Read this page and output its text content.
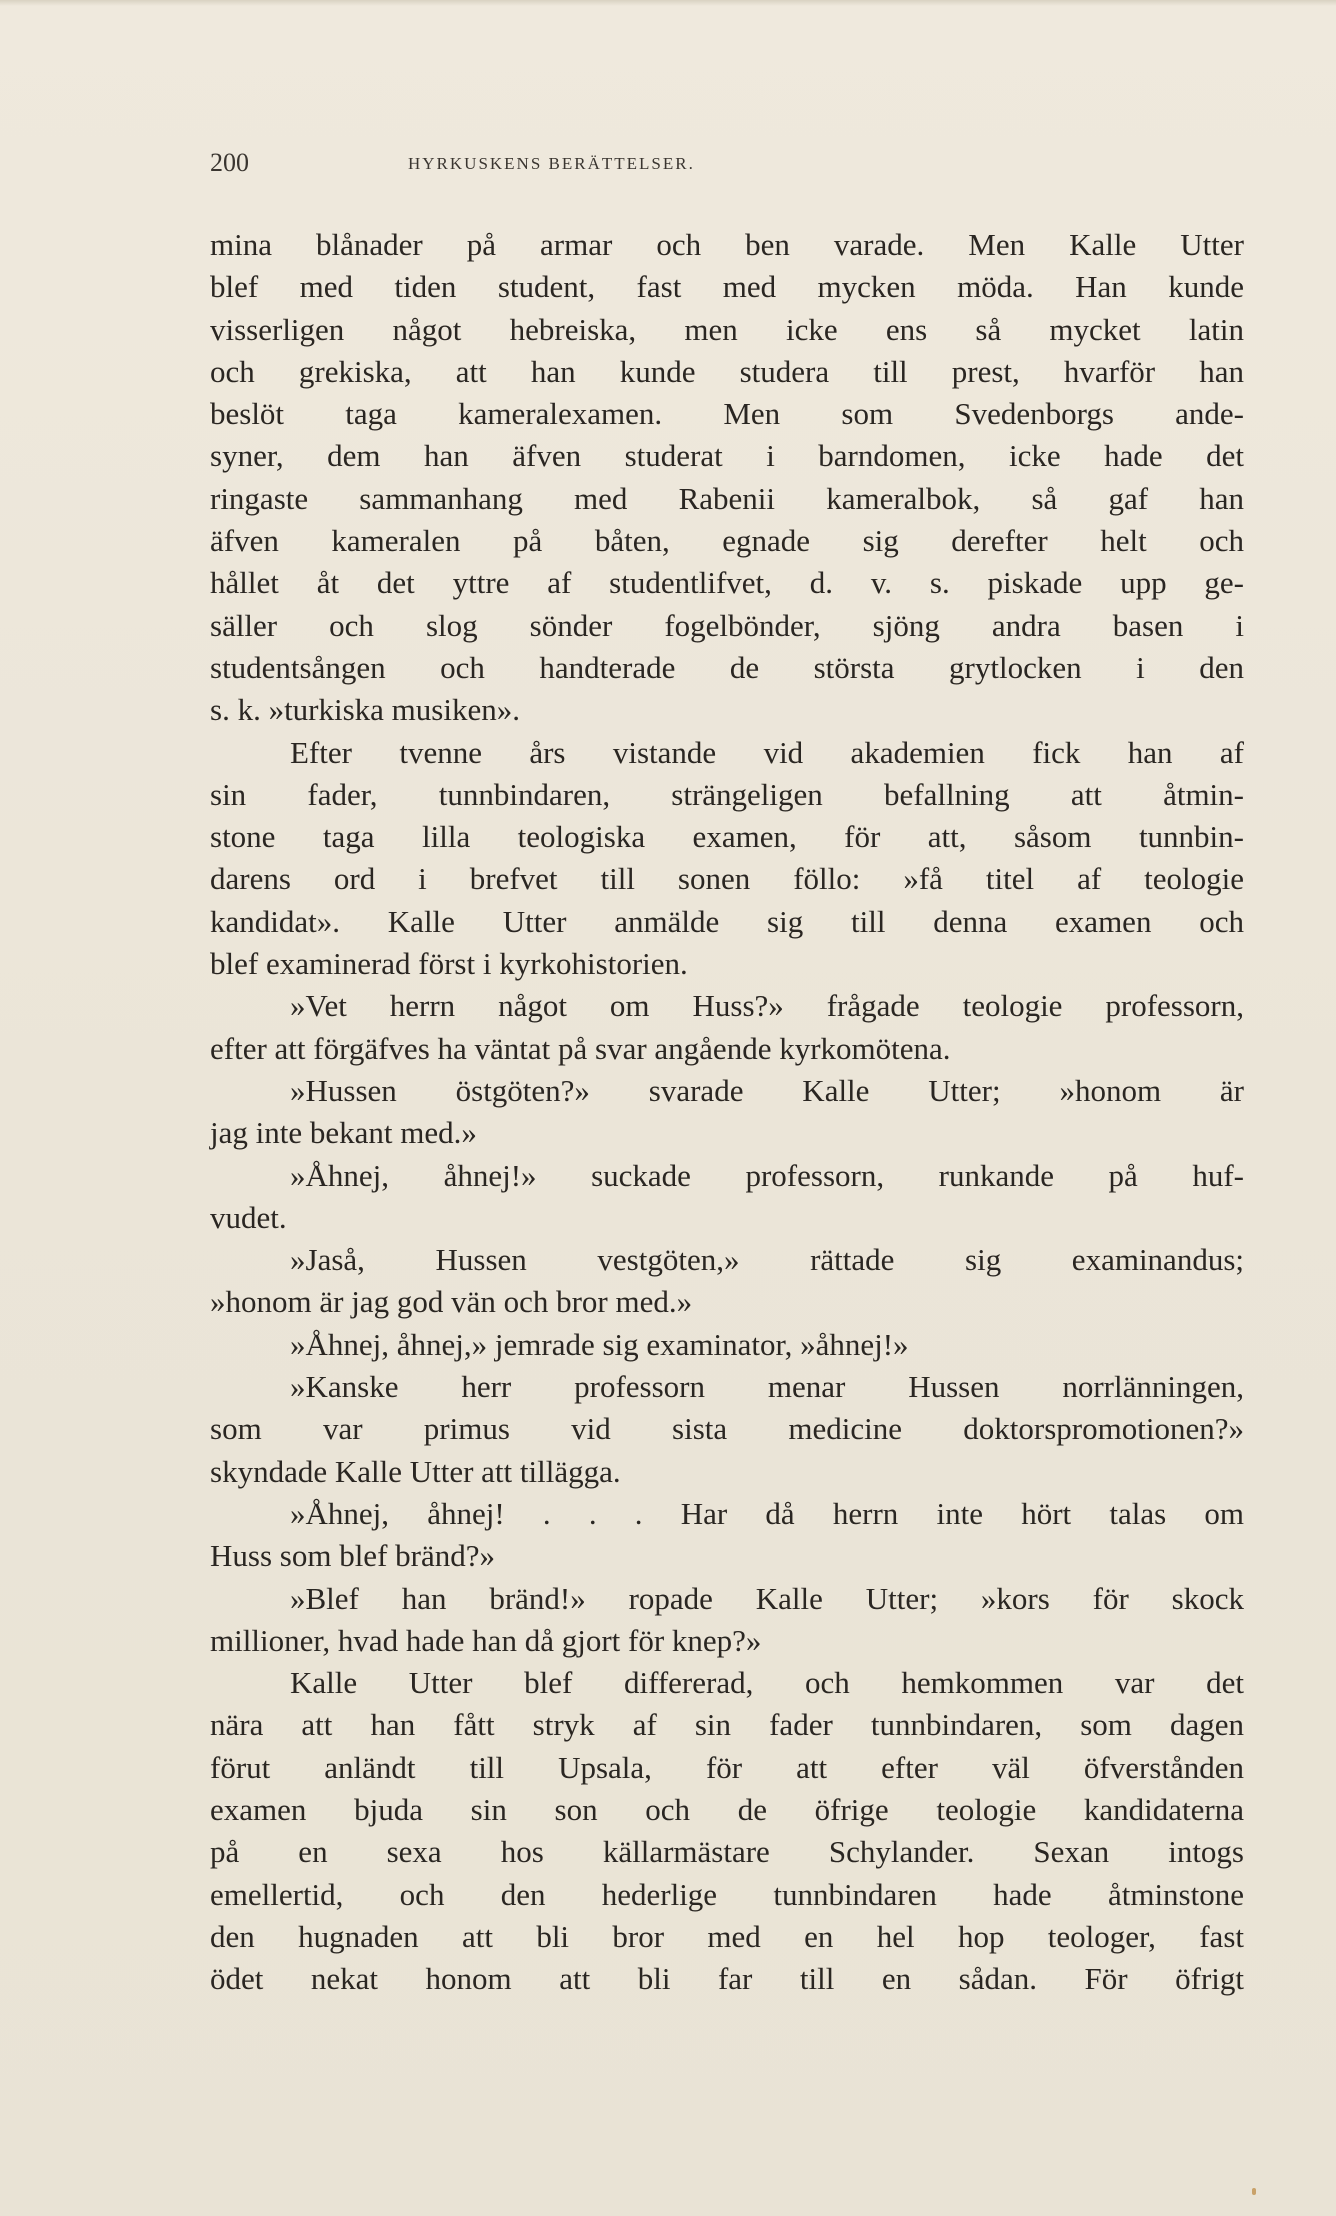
200	HYRKUSKENS BERÄTTELSER.
mina blånader på armar och ben varade. Men Kalle Utter
blef med tiden student, fast med mycken möda. Han kunde
visserligen något hebreiska, men icke ens så mycket latin
och grekiska, att han kunde studera till prest, hvarför han
beslöt taga kameralexamen. Men som Svedenborgs ande-
syner, dem han äfven studerat i barndomen, icke hade det
ringaste sammanhang med Rabenii kameralbok, så gaf han
äfven kameralen på båten, egnade sig derefter helt och
hållet åt det yttre af studentlifvet, d. v. s. piskade upp ge-
säller och slog sönder fogelbönder, sjöng andra basen i
studentsången och handterade de största grytlocken i den
s. k. »turkiska musiken».
Efter tvenne års vistande vid akademien fick han af
sin fader, tunnbindaren, strängeligen befallning att åtmin-
stone taga lilla teologiska examen, för att, såsom tunnbin-
darens ord i brefvet till sonen föllo: »få titel af teologie
kandidat». Kalle Utter anmälde sig till denna examen och
blef examinerad först i kyrkohistorien.
»Vet herrn något om Huss?» frågade teologie professorn,
efter att förgäfves ha väntat på svar angående kyrkomötena.
»Hussen östgöten?» svarade Kalle Utter; »honom är
jag inte bekant med.»
»Åhnej, åhnej!» suckade professorn, runkande på huf-
vudet.
»Jaså, Hussen vestgöten,» rättade sig examinandus;
»honom är jag god vän och bror med.»
»Åhnej, åhnej,» jemrade sig examinator, »åhnej!»
»Kanske herr professorn menar Hussen norrlänningen,
som var primus vid sista medicine doktorspromotionen?»
skyndade Kalle Utter att tillägga.
»Åhnej, åhnej! . . . Har då herrn inte hört talas om
Huss som blef bränd?»
»Blef han bränd!» ropade Kalle Utter; »kors för skock
millioner, hvad hade han då gjort för knep?»
Kalle Utter blef differerad, och hemkommen var det
nära att han fått stryk af sin fader tunnbindaren, som dagen
förut anländt till Upsala, för att efter väl öfverstånden
examen bjuda sin son och de öfrige teologie kandidaterna
på en sexa hos källarmästare Schylander. Sexan intogs
emellertid, och den hederlige tunnbindaren hade åtminstone
den hugnaden att bli bror med en hel hop teologer, fast
ödet nekat honom att bli far till en sådan. För öfrigt
